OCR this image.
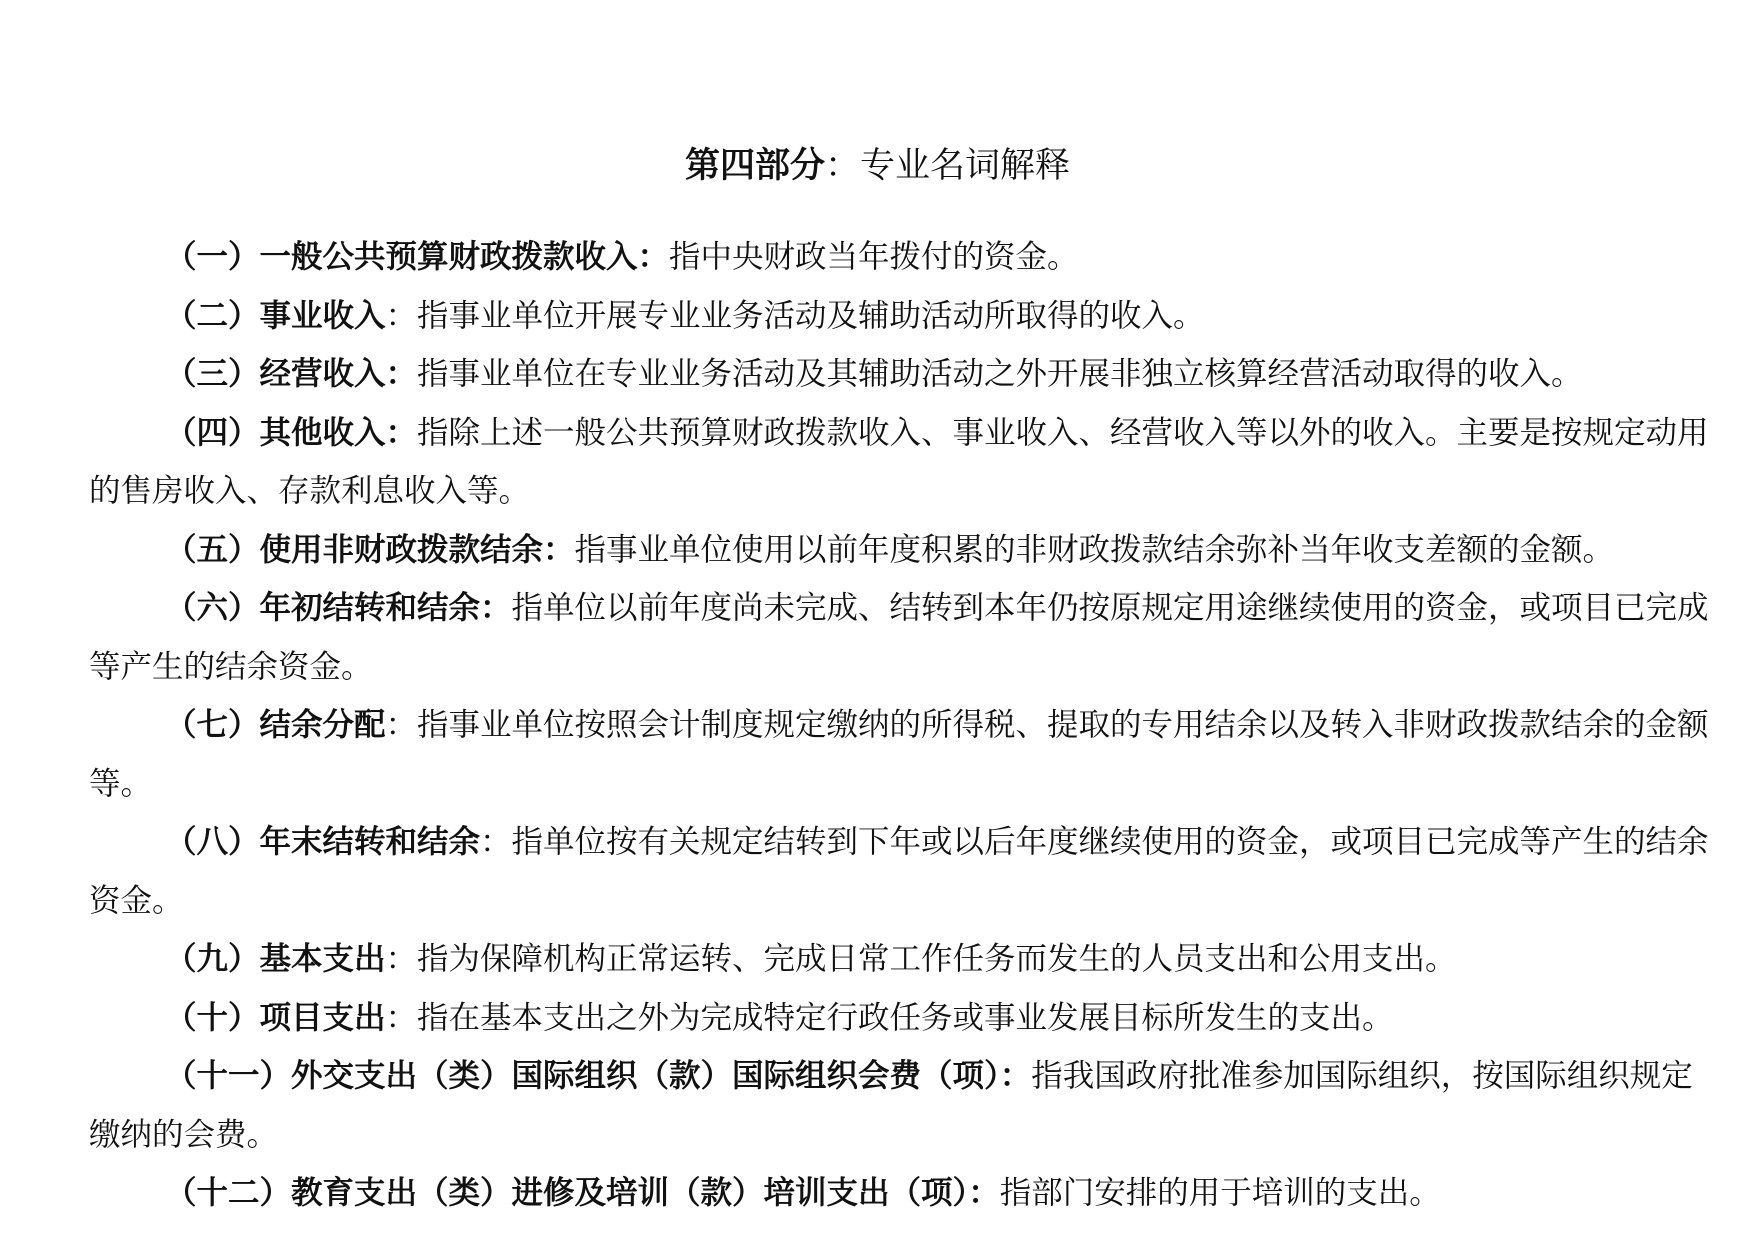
第四部分：专业名词解释

（一）一般公共预算财政拨款收入：指中央财政当年拨付的资金。

（二）事业收入：指事业单位开展专业业务活动及辅助活动所取得的收入。

（三）经营收入：指事业单位在专业业务活动及其辅助活动之外开展非独立核算经营活动取得的收入。

（四）其他收入：指除上述一般公共预算财政拨款收入、事业收入、经营收入等以外的收入。主要是按规定动用的售房收入、存款利息收入等。

（五）使用非财政拨款结余：指事业单位使用以前年度积累的非财政拨款结余弥补当年收支差额的金额。

（六）年初结转和结余：指单位以前年度尚未完成、结转到本年仍按原规定用途继续使用的资金，或项目已完成等产生的结余资金。

（七）结余分配：指事业单位按照会计制度规定缴纳的所得税、提取的专用结余以及转入非财政拨款结余的金额等。

（八）年末结转和结余：指单位按有关规定结转到下年或以后年度继续使用的资金，或项目已完成等产生的结余资金。

（九）基本支出：指为保障机构正常运转、完成日常工作任务而发生的人员支出和公用支出。

（十）项目支出：指在基本支出之外为完成特定行政任务或事业发展目标所发生的支出。

（十一）外交支出（类）国际组织（款）国际组织会费（项）：指我国政府批准参加国际组织，按国际组织规定缴纳的会费。

（十二）教育支出（类）进修及培训（款）培训支出（项）：指部门安排的用于培训的支出。
